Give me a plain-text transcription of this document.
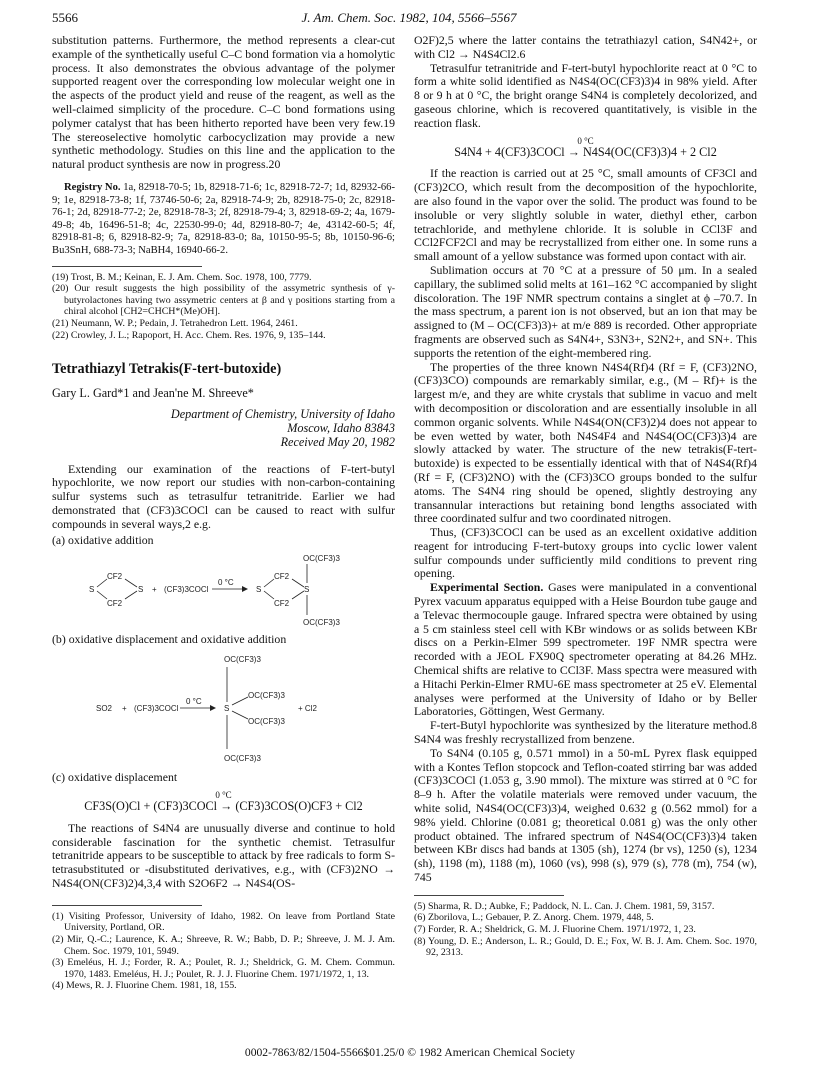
5566	J. Am. Chem. Soc. 1982, 104, 5566–5567

substitution patterns. Furthermore, the method represents a clear-cut example of the synthetically useful C–C bond formation via a homolytic process. It also demonstrates the obvious advantage of the polymer supported reagent over the corresponding low molecular weight one in the aspects of the product yield and reuse of the reagent, as well as the well-claimed simplicity of the procedure. C–C bond formations using polymer catalyst that has been hitherto reported have been very few.19 The stereoselective homolytic carbocyclization may provide a new synthetic methodology. Studies on this line and the application to the natural product synthesis are now in progress.20

Registry No. 1a, 82918-70-5; 1b, 82918-71-6; 1c, 82918-72-7; 1d, 82932-66-9; 1e, 82918-73-8; 1f, 73746-50-6; 2a, 82918-74-9; 2b, 82918-75-0; 2c, 82918-76-1; 2d, 82918-77-2; 2e, 82918-78-3; 2f, 82918-79-4; 3, 82918-69-2; 4a, 1679-49-8; 4b, 16496-51-8; 4c, 22530-99-0; 4d, 82918-80-7; 4e, 43142-60-5; 4f, 82918-81-8; 6, 82918-82-9; 7a, 82918-83-0; 8a, 10150-95-5; 8b, 10150-96-6; Bu3SnH, 688-73-3; NaBH4, 16940-66-2.

(19) Trost, B. M.; Keinan, E. J. Am. Chem. Soc. 1978, 100, 7779.

(20) Our result suggests the high possibility of the assymetric synthesis of γ-butyrolactones having two assymetric centers at β and γ positions starting from a chiral alcohol [CH2=CHCH*(Me)OH].

(21) Neumann, W. P.; Pedain, J. Tetrahedron Lett. 1964, 2461.

(22) Crowley, J. L.; Rapoport, H. Acc. Chem. Res. 1976, 9, 135–144.

Tetrathiazyl Tetrakis(F-tert-butoxide)
Gary L. Gard*1 and Jean'ne M. Shreeve*
Department of Chemistry, University of Idaho
Moscow, Idaho 83843
Received May 20, 1982

Extending our examination of the reactions of F-tert-butyl hypochlorite, we now report our studies with non-carbon-containing sulfur systems such as tetrasulfur tetranitride. Earlier we had demonstrated that (CF3)3COCl can be caused to react with sulfur compounds in several ways,2 e.g.

(a) oxidative addition

S
CF2
CF2
S + (CF3)3COCl
0 °C
S
CF2
CF2
S
OC(CF3)3
OC(CF3)3

(b) oxidative displacement and oxidative addition

SO2 + (CF3)3COCl
0 °C
S
OC(CF3)3
OC(CF3)3
OC(CF3)3
OC(CF3)3
+ Cl2

(c) oxidative displacement

0 °C
CF3S(O)Cl + (CF3)3COCl → (CF3)3COS(O)CF3 + Cl2

The reactions of S4N4 are unusually diverse and continue to hold considerable fascination for the synthetic chemist. Tetrasulfur tetranitride appears to be susceptible to attack by free radicals to form S-tetrasubstituted or -disubstituted derivatives, e.g., with (CF3)2NO → N4S4(ON(CF3)2)4,3,4 with S2O6F2 → N4S4(OS-

(1) Visiting Professor, University of Idaho, 1982. On leave from Portland State University, Portland, OR.

(2) Mir, Q.-C.; Laurence, K. A.; Shreeve, R. W.; Babb, D. P.; Shreeve, J. M. J. Am. Chem. Soc. 1979, 101, 5949.

(3) Emeléus, H. J.; Forder, R. A.; Poulet, R. J.; Sheldrick, G. M. Chem. Commun. 1970, 1483. Emeléus, H. J.; Poulet, R. J. J. Fluorine Chem. 1971/1972, 1, 13.

(4) Mews, R. J. Fluorine Chem. 1981, 18, 155.

O2F)2,5 where the latter contains the tetrathiazyl cation, S4N42+, or with Cl2 → N4S4Cl2.6

Tetrasulfur tetranitride and F-tert-butyl hypochlorite react at 0 °C to form a white solid identified as N4S4(OC(CF3)3)4 in 98% yield. After 8 or 9 h at 0 °C, the bright orange S4N4 is completely decolorized, and gaseous chlorine, which is recovered quantitatively, is visible in the reaction flask.

0 °C
S4N4 + 4(CF3)3COCl → N4S4(OC(CF3)3)4 + 2 Cl2

If the reaction is carried out at 25 °C, small amounts of CF3Cl and (CF3)2CO, which result from the decomposition of the hypochlorite, are also found in the vapor over the solid. The product was found to be insoluble or very slightly soluble in water, diethyl ether, carbon tetrachloride, and methylene chloride. It is soluble in CCl3F and CCl2FCF2Cl and may be recrystallized from either one. In some runs a small amount of a yellow substance was formed upon contact with air.

Sublimation occurs at 70 °C at a pressure of 50 μm. In a sealed capillary, the sublimed solid melts at 161–162 °C accompanied by slight discoloration. The 19F NMR spectrum contains a singlet at ϕ –70.7. In the mass spectrum, a parent ion is not observed, but an ion that may be assigned to (M – OC(CF3)3)+ at m/e 889 is recorded. Other appropriate fragments are observed such as S4N4+, S3N3+, S2N2+, and SN+. This supports the retention of the eight-membered ring.

The properties of the three known N4S4(Rf)4 (Rf = F, (CF3)2NO, (CF3)3CO) compounds are remarkably similar, e.g., (M – Rf)+ is the largest m/e, and they are white crystals that sublime in vacuo and melt with decomposition or discoloration and are essentially insoluble in all common organic solvents. While N4S4(ON(CF3)2)4 does not appear to be even wetted by water, both N4S4F4 and N4S4(OC(CF3)3)4 are slowly attacked by water. The structure of the new tetrakis(F-tert-butoxide) is expected to be essentially identical with that of N4S4(Rf)4 (Rf = F, (CF3)2NO) with the (CF3)3CO groups bonded to the sulfur atoms. The S4N4 ring should be opened, slightly destroying any transannular interactions but retaining bond lengths associated with three coordinated sulfur and two coordinated nitrogen.

Thus, (CF3)3COCl can be used as an excellent oxidative addition reagent for introducing F-tert-butoxy groups into cyclic lower valent sulfur compounds under sufficiently mild conditions to prevent ring opening.

Experimental Section. Gases were manipulated in a conventional Pyrex vacuum apparatus equipped with a Heise Bourdon tube gauge and a Televac thermocouple gauge. Infrared spectra were obtained by using a 5 cm stainless steel cell with KBr windows or as solids between KBr discs on a Perkin-Elmer 599 spectrometer. 19F NMR spectra were recorded with a JEOL FX90Q spectrometer operating at 84.26 MHz. Chemical shifts are relative to CCl3F. Mass spectra were measured with a Hitachi Perkin-Elmer RMU-6E mass spectrometer at 25 eV. Elemental analyses were performed at the University of Idaho or by Beller Laboratories, Göttingen, West Germany.

F-tert-Butyl hypochlorite was synthesized by the literature method.8 S4N4 was freshly recrystallized from benzene.

To S4N4 (0.105 g, 0.571 mmol) in a 50-mL Pyrex flask equipped with a Kontes Teflon stopcock and Teflon-coated stirring bar was added (CF3)3COCl (1.053 g, 3.90 mmol). The mixture was stirred at 0 °C for 8–9 h. After the volatile materials were removed under vacuum, the white solid, N4S4(OC(CF3)3)4, weighed 0.632 g (0.562 mmol) for a 98% yield. Chlorine (0.081 g; theoretical 0.081 g) was the only other product obtained. The infrared spectrum of N4S4(OC(CF3)3)4 taken between KBr discs had bands at 1305 (sh), 1274 (br vs), 1250 (s), 1234 (sh), 1198 (m), 1188 (m), 1060 (vs), 998 (s), 979 (s), 778 (m), 754 (w), 745

(5) Sharma, R. D.; Aubke, F.; Paddock, N. L. Can. J. Chem. 1981, 59, 3157.

(6) Zborilova, L.; Gebauer, P. Z. Anorg. Chem. 1979, 448, 5.

(7) Forder, R. A.; Sheldrick, G. M. J. Fluorine Chem. 1971/1972, 1, 23.

(8) Young, D. E.; Anderson, L. R.; Gould, D. E.; Fox, W. B. J. Am. Chem. Soc. 1970, 92, 2313.

0002-7863/82/1504-5566$01.25/0 © 1982 American Chemical Society
